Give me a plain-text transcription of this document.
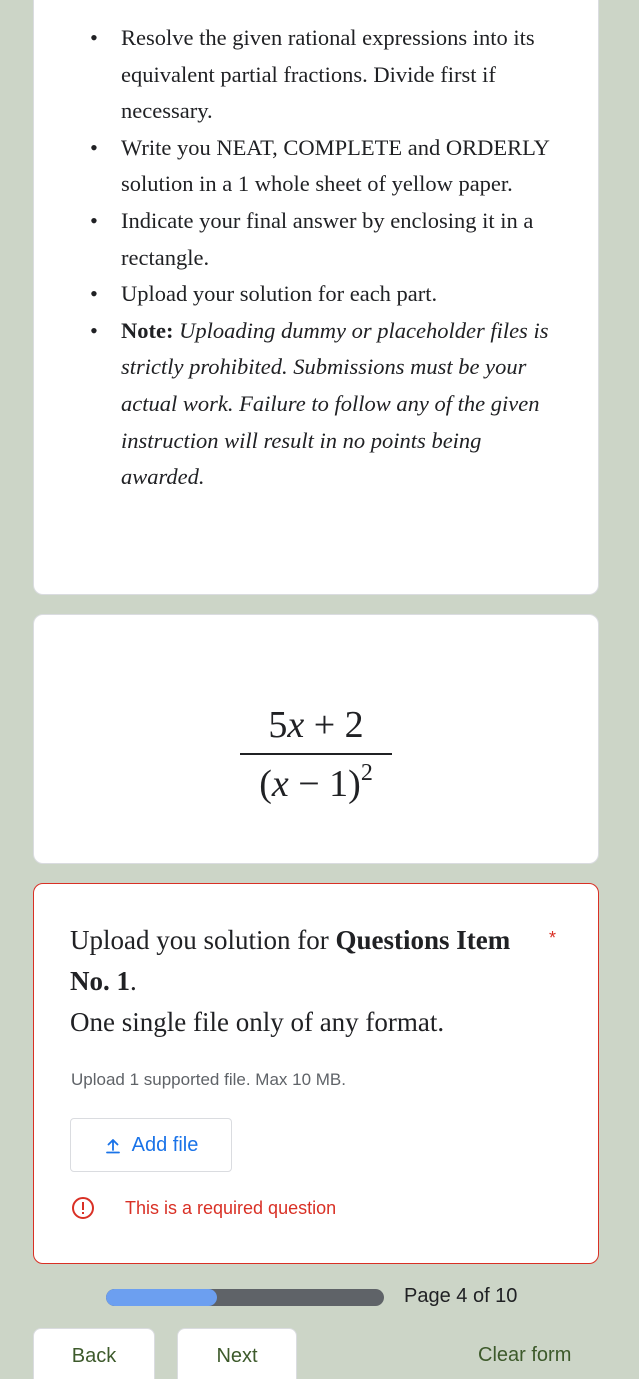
• Resolve the given rational expressions into its equivalent partial fractions. Divide first if necessary.
• Write you NEAT, COMPLETE and ORDERLY solution in a 1 whole sheet of yellow paper.
• Indicate your final answer by enclosing it in a rectangle.
• Upload your solution for each part.
• Note: Uploading dummy or placeholder files is strictly prohibited. Submissions must be your actual work. Failure to follow any of the given instruction will result in no points being awarded.
5x + 2
$(x - 1)^2$
Upload you solution for Questions Item No. 1.
One single file only of any format.
*
Upload 1 supported file. Max 10 MB.
Add file
This is a required question
Page 4 of 10
Back	Next	Clear form
